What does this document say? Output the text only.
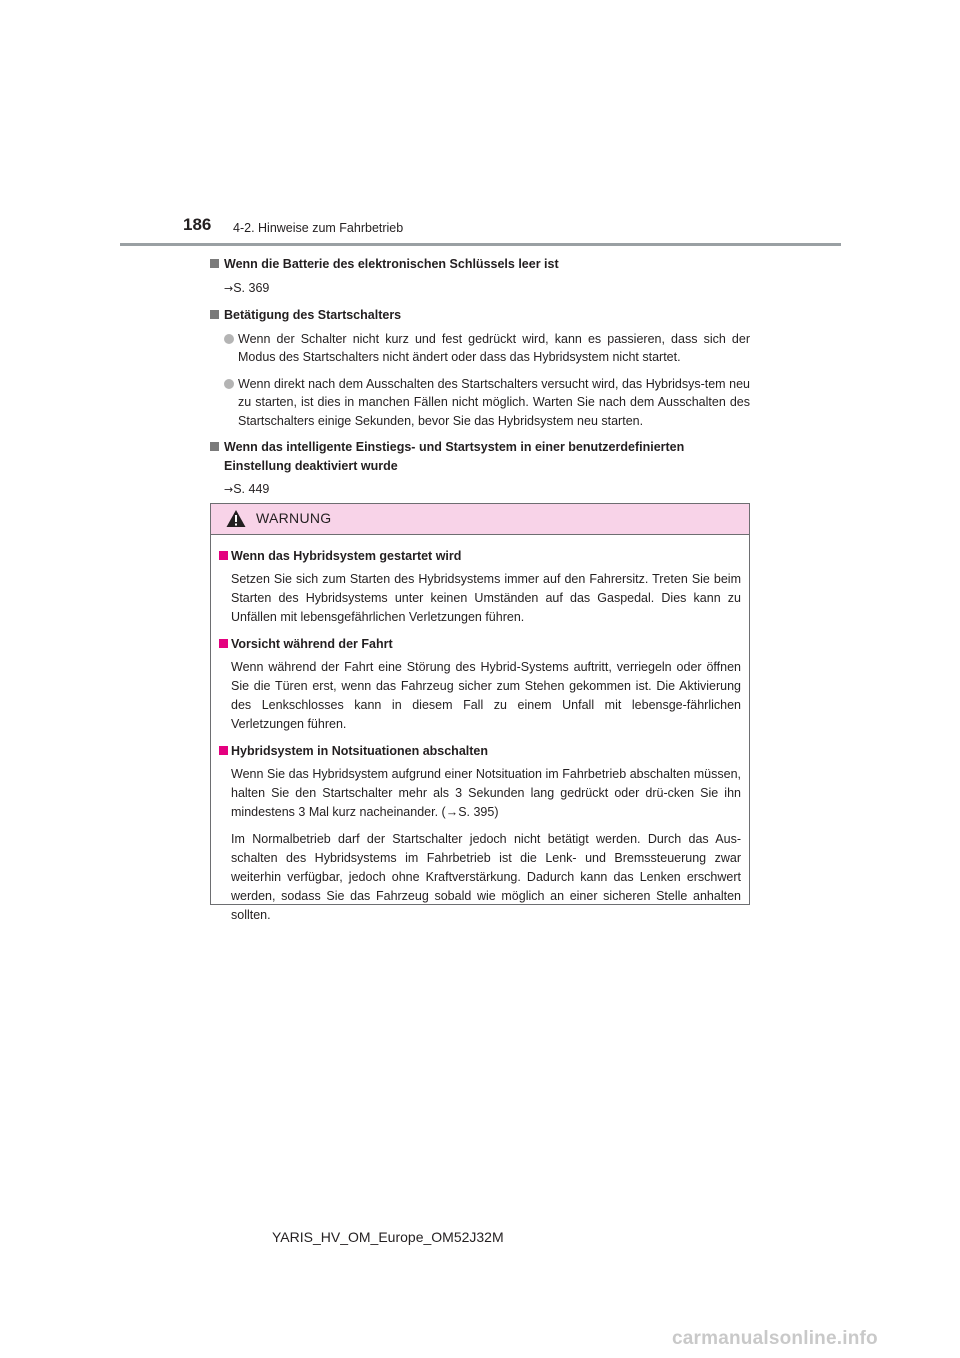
186 4-2. Hinweise zum Fahrbetrieb
Wenn die Batterie des elektronischen Schlüssels leer ist
→S. 369
Betätigung des Startschalters
Wenn der Schalter nicht kurz und fest gedrückt wird, kann es passieren, dass sich der Modus des Startschalters nicht ändert oder dass das Hybridsystem nicht startet.
Wenn direkt nach dem Ausschalten des Startschalters versucht wird, das Hybridsys-tem neu zu starten, ist dies in manchen Fällen nicht möglich. Warten Sie nach dem Ausschalten des Startschalters einige Sekunden, bevor Sie das Hybridsystem neu starten.
Wenn das intelligente Einstiegs- und Startsystem in einer benutzerdefinierten Einstellung deaktiviert wurde
→S. 449
WARNUNG
Wenn das Hybridsystem gestartet wird
Setzen Sie sich zum Starten des Hybridsystems immer auf den Fahrersitz. Treten Sie beim Starten des Hybridsystems unter keinen Umständen auf das Gaspedal. Dies kann zu Unfällen mit lebensgefährlichen Verletzungen führen.
Vorsicht während der Fahrt
Wenn während der Fahrt eine Störung des Hybrid-Systems auftritt, verriegeln oder öffnen Sie die Türen erst, wenn das Fahrzeug sicher zum Stehen gekommen ist. Die Aktivierung des Lenkschlosses kann in diesem Fall zu einem Unfall mit lebensge-fährlichen Verletzungen führen.
Hybridsystem in Notsituationen abschalten
Wenn Sie das Hybridsystem aufgrund einer Notsituation im Fahrbetrieb abschalten müssen, halten Sie den Startschalter mehr als 3 Sekunden lang gedrückt oder drü-cken Sie ihn mindestens 3 Mal kurz nacheinander. (→S. 395)
Im Normalbetrieb darf der Startschalter jedoch nicht betätigt werden. Durch das Aus-schalten des Hybridsystems im Fahrbetrieb ist die Lenk- und Bremssteuerung zwar weiterhin verfügbar, jedoch ohne Kraftverstärkung. Dadurch kann das Lenken erschwert werden, sodass Sie das Fahrzeug sobald wie möglich an einer sicheren Stelle anhalten sollten.
YARIS_HV_OM_Europe_OM52J32M
carmanualsonline.info
